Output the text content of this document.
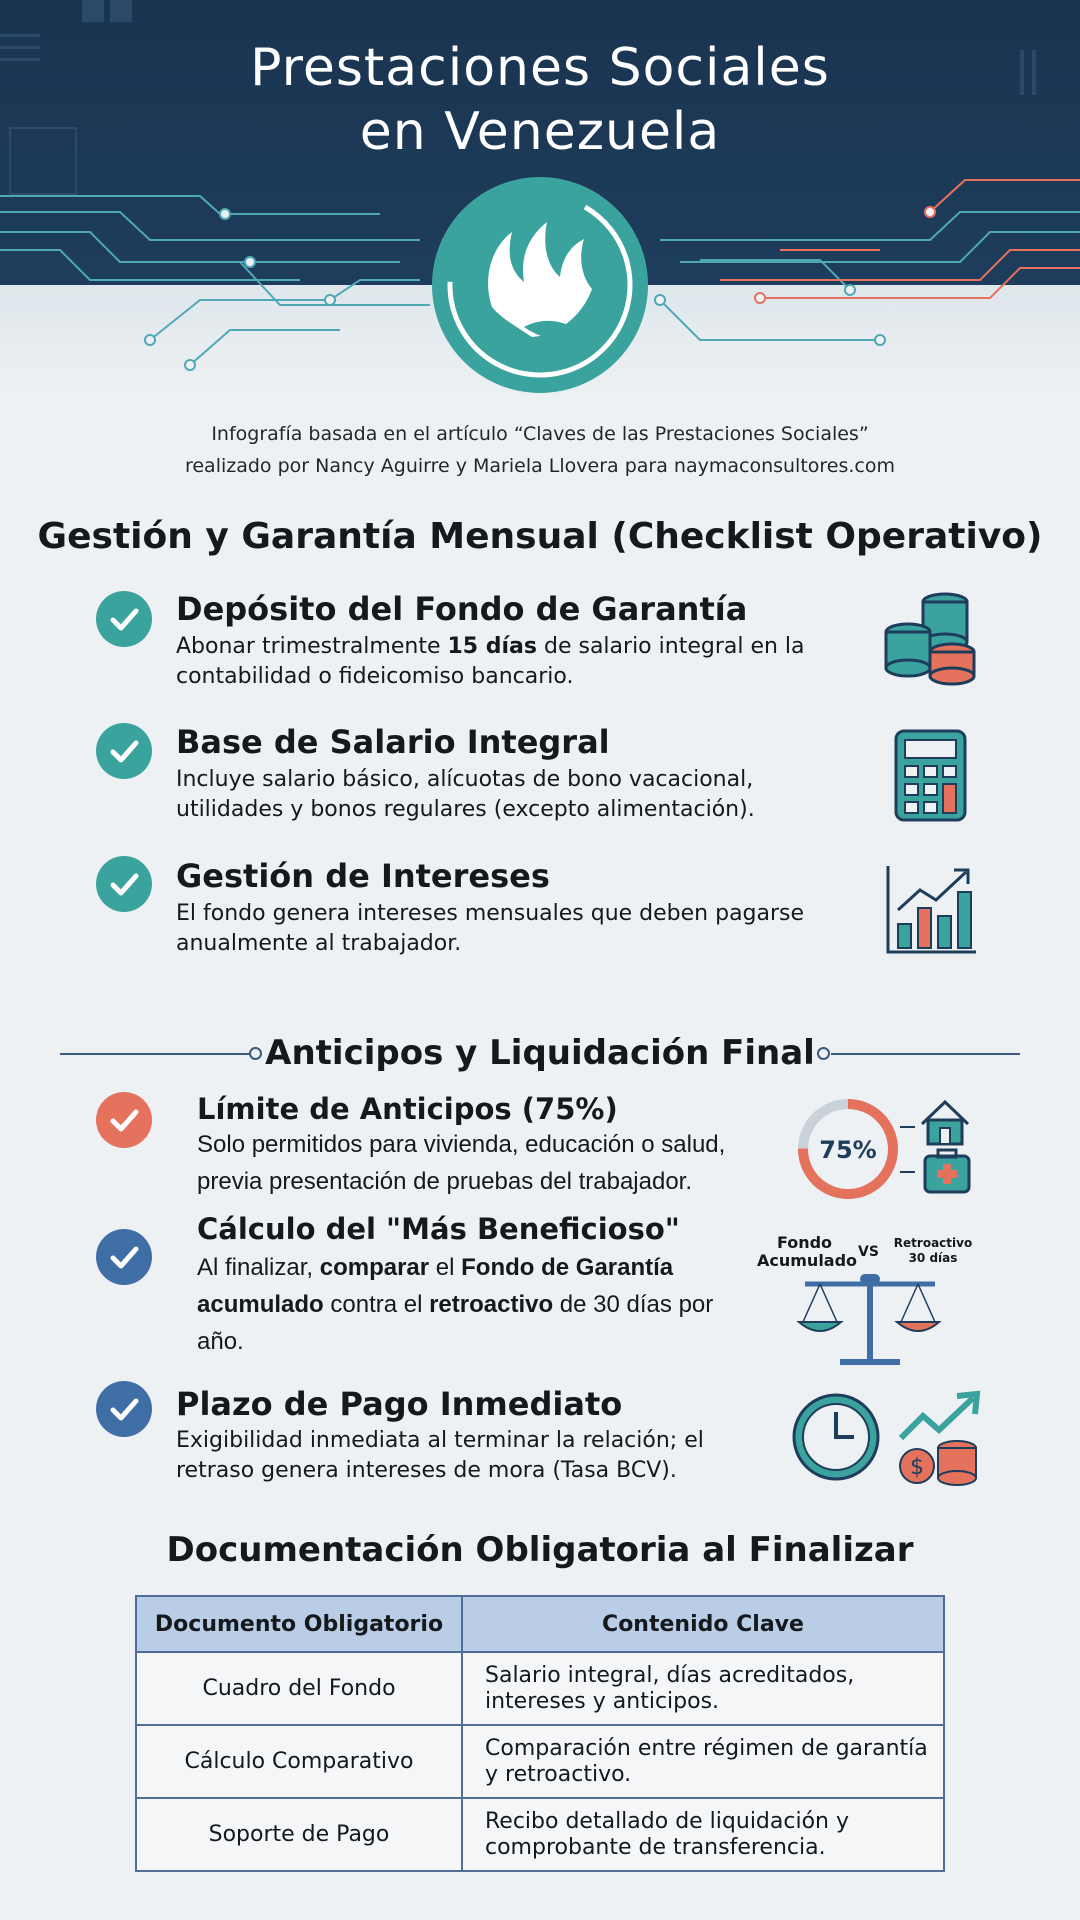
Prestaciones Sociales
en Venezuela
Infografía basada en el artículo “Claves de las Prestaciones Sociales”
realizado por Nancy Aguirre y Mariela Llovera para naymaconsultores.com
Gestión y Garantía Mensual (Checklist Operativo)
Depósito del Fondo de Garantía
Abonar trimestralmente 15 días de salario integral en la contabilidad o fideicomiso bancario.
Base de Salario Integral
Incluye salario básico, alícuotas de bono vacacional, utilidades y bonos regulares (excepto alimentación).
Gestión de Intereses
El fondo genera intereses mensuales que deben pagarse anualmente al trabajador.
Anticipos y Liquidación Final
Límite de Anticipos (75%)
Solo permitidos para vivienda, educación o salud, previa presentación de pruebas del trabajador.
75%
Cálculo del "Más Beneficioso"
Al finalizar, comparar el Fondo de Garantía acumulado contra el retroactivo de 30 días por año.
Fondo Acumulado VS
Retroactivo 30 días
Plazo de Pago Inmediato
Exigibilidad inmediata al terminar la relación; el retraso genera intereses de mora (Tasa BCV).	$
Documentación Obligatoria al Finalizar
Documento Obligatorio	Contenido Clave
Cuadro del Fondo	Salario integral, días acreditados, intereses y anticipos.
Cálculo Comparativo	Comparación entre régimen de garantía y retroactivo.
Soporte de Pago	Recibo detallado de liquidación y comprobante de transferencia.
